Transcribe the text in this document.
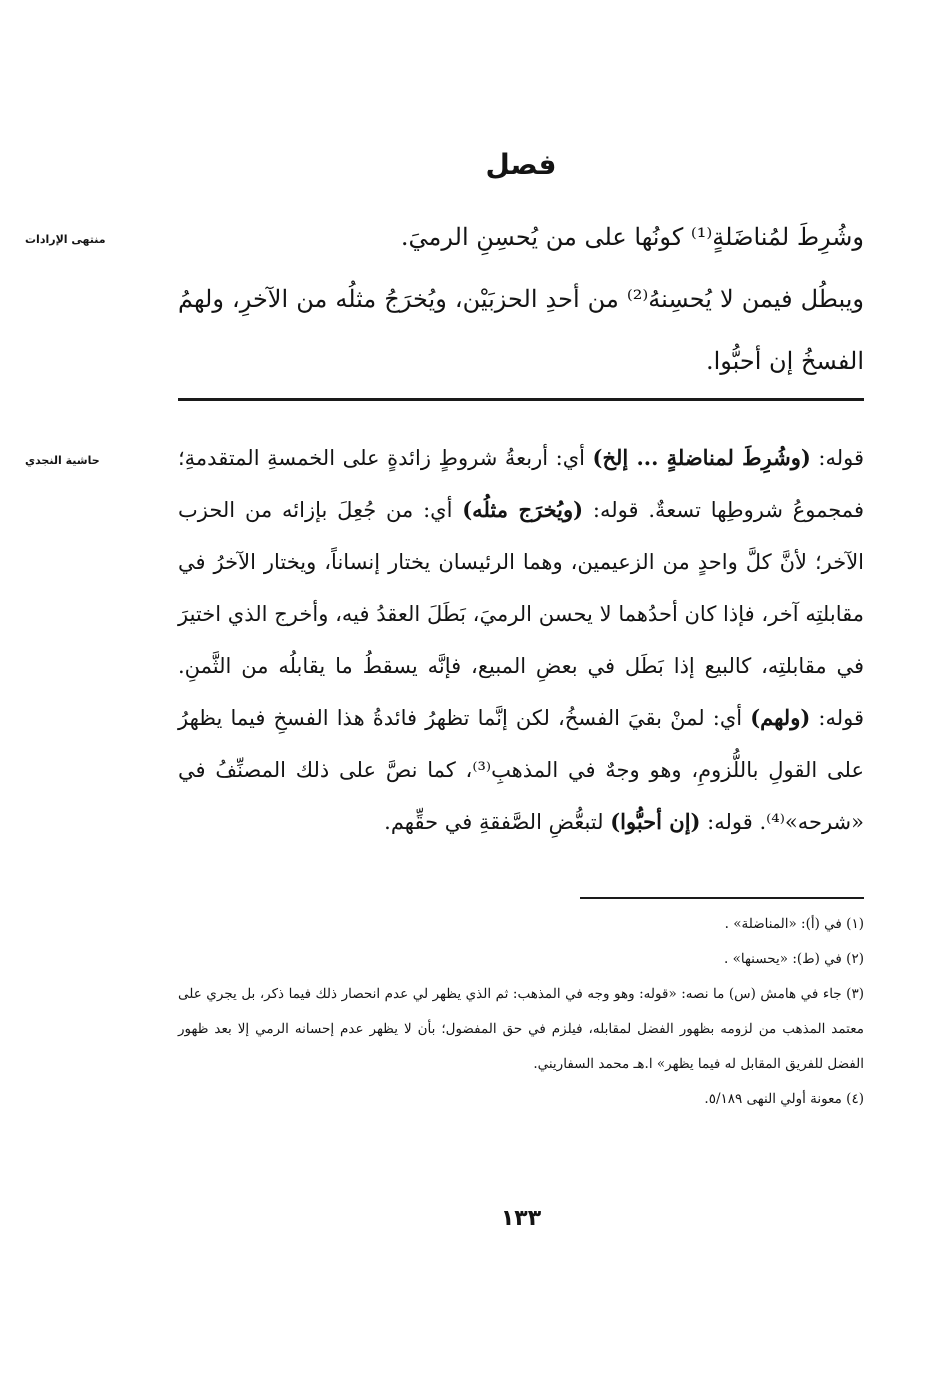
فصل
منتهى الإرادات	وشُرِطَ لمُناضَلةٍ⁽¹⁾ كونُها على من يُحسِنِ الرميَ.

ويبطُل فيمن لا يُحسِنهُ⁽²⁾ من أحدِ الحزبَيْن، ويُخرَجُ مثلُه من الآخرِ، ولهمُ الفسخُ إن أحبُّوا.

حاشية النجدي	قوله: (وشُرِطَ لمناضلةٍ ... إلخ) أي: أربعةُ شروطٍ زائدةٍ على الخمسةِ المتقدمةِ؛ فمجموعُ شروطِها تسعةٌ. قوله: (ويُخرَج مثلُه) أي: من جُعِلَ بإزائه من الحزب الآخر؛ لأنَّ كلَّ واحدٍ من الزعيمين، وهما الرئيسان يختار إنساناً، ويختار الآخرُ في مقابلتِه آخر، فإذا كان أحدُهما لا يحسن الرميَ، بَطَلَ العقدُ فيه، وأخرج الذي اختيرَ في مقابلتِه، كالبيع إذا بَطَل في بعضِ المبيع، فإنَّه يسقطُ ما يقابلُه من الثَّمنِ. قوله: (ولهم) أي: لمنْ بقيَ الفسخُ، لكن إنَّما تظهرُ فائدةُ هذا الفسخِ فيما يظهرُ على القولِ باللُّزومِ، وهو وجهٌ في المذهبِ⁽³⁾، كما نصَّ على ذلك المصنِّفُ في «شرحه»⁽⁴⁾. قوله: (إن أحبُّوا) لتبعُّضِ الصَّفقةِ في حقِّهم.

(١) في (أ): «المناضلة» .

(٢) في (ط): «يحسنها» .

(٣) جاء في هامش (س) ما نصه: «قوله: وهو وجه في المذهب: ثم الذي يظهر لي عدم انحصار ذلك فيما ذكر، بل يجري على معتمد المذهب من لزومه بظهور الفضل لمقابله، فيلزم في حق المفضول؛ بأن لا يظهر عدم إحسانه الرمي إلا بعد ظهور الفضل للفريق المقابل له فيما يظهر» ا.هـ محمد السفاريني.

(٤) معونة أولي النهى ٥/١٨٩.

١٣٣
